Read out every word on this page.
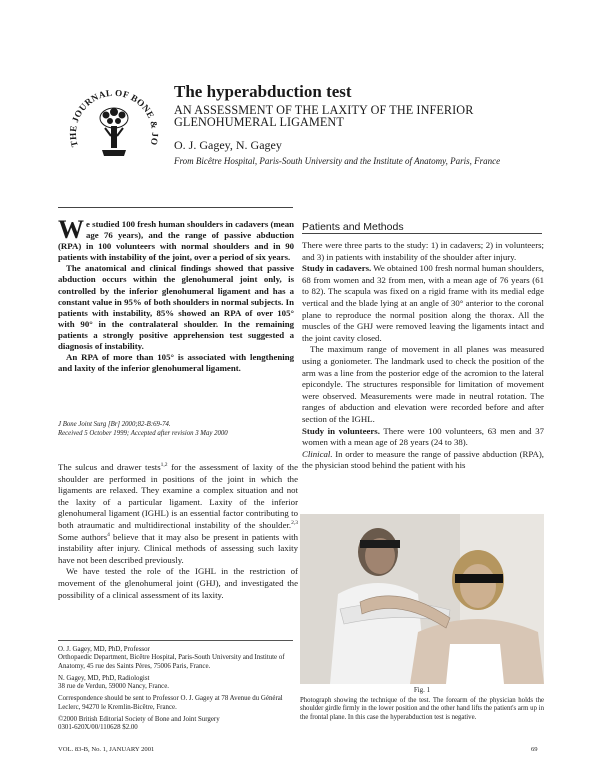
THE JOURNAL OF BONE & JO
The hyperabduction test
AN ASSESSMENT OF THE LAXITY OF THE INFERIOR GLENOHUMERAL LIGAMENT
O. J. Gagey, N. Gagey
From Bicêtre Hospital, Paris-South University and the Institute of Anatomy, Paris, France

We studied 100 fresh human shoulders in cadavers (mean age 76 years), and the range of passive abduction (RPA) in 100 volunteers with normal shoulders and in 90 patients with instability of the joint, over a period of six years.

The anatomical and clinical findings showed that passive abduction occurs within the glenohumeral joint only, is controlled by the inferior glenohumeral ligament and has a constant value in 95% of both shoulders in normal subjects. In patients with instability, 85% showed an RPA of over 105° with 90° in the contralateral shoulder. In the remaining patients a strongly positive apprehension test suggested a diagnosis of instability.

An RPA of more than 105° is associated with lengthening and laxity of the inferior glenohumeral ligament.

J Bone Joint Surg [Br] 2000;82-B:69-74.
Received 5 October 1999; Accepted after revision 3 May 2000

The sulcus and drawer tests$^{1,2}$ for the assessment of laxity of the shoulder are performed in positions of the joint in which the ligaments are relaxed. They examine a complex situation and not the laxity of a particular ligament. Laxity of the inferior glenohumeral ligament (IGHL) is an essential factor contributing to both atraumatic and multidirectional instability of the shoulder.$^{2,3}$ Some authors$^4$ believe that it may also be present in patients with instability after injury. Clinical methods of assessing such laxity have not been described previously.

We have tested the role of the IGHL in the restriction of movement of the glenohumeral joint (GHJ), and investigated the possibility of a clinical assessment of its laxity.

O. J. Gagey, MD, PhD, Professor
Orthopaedic Department, Bicêtre Hospital, Paris-South University and Institute of Anatomy, 45 rue des Saints Pères, 75006 Paris, France.

N. Gagey, MD, PhD, Radiologist
38 rue de Verdun, 59000 Nancy, France.

Correspondence should be sent to Professor O. J. Gagey at 78 Avenue du Général Leclerc, 94270 le Kremlin-Bicêtre, France.

©2000 British Editorial Society of Bone and Joint Surgery
0301-620X/00/110628 $2.00

Patients and Methods

There were three parts to the study: 1) in cadavers; 2) in volunteers; and 3) in patients with instability of the shoulder after injury.

Study in cadavers. We obtained 100 fresh normal human shoulders, 68 from women and 32 from men, with a mean age of 76 years (61 to 82). The scapula was fixed on a rigid frame with its medial edge vertical and the blade lying at an angle of 30° anterior to the coronal plane to reproduce the normal position along the thorax. All the muscles of the GHJ were removed leaving the ligaments intact and the joint cavity closed.

The maximum range of movement in all planes was measured using a goniometer. The landmark used to check the position of the arm was a line from the posterior edge of the acromion to the lateral epicondyle. The structures responsible for limitation of movement were observed. Measurements were made in neutral rotation. The ranges of abduction and elevation were recorded before and after section of the IGHL.

Study in volunteers. There were 100 volunteers, 63 men and 37 women with a mean age of 28 years (24 to 38).

Clinical. In order to measure the range of passive abduction (RPA), the physician stood behind the patient with his

Fig. 1
Photograph showing the technique of the test. The forearm of the physician holds the shoulder girdle firmly in the lower position and the other hand lifts the patient's arm up in the frontal plane. In this case the hyperabduction test is negative.
VOL. 83-B, No. 1, JANUARY 2001	69
